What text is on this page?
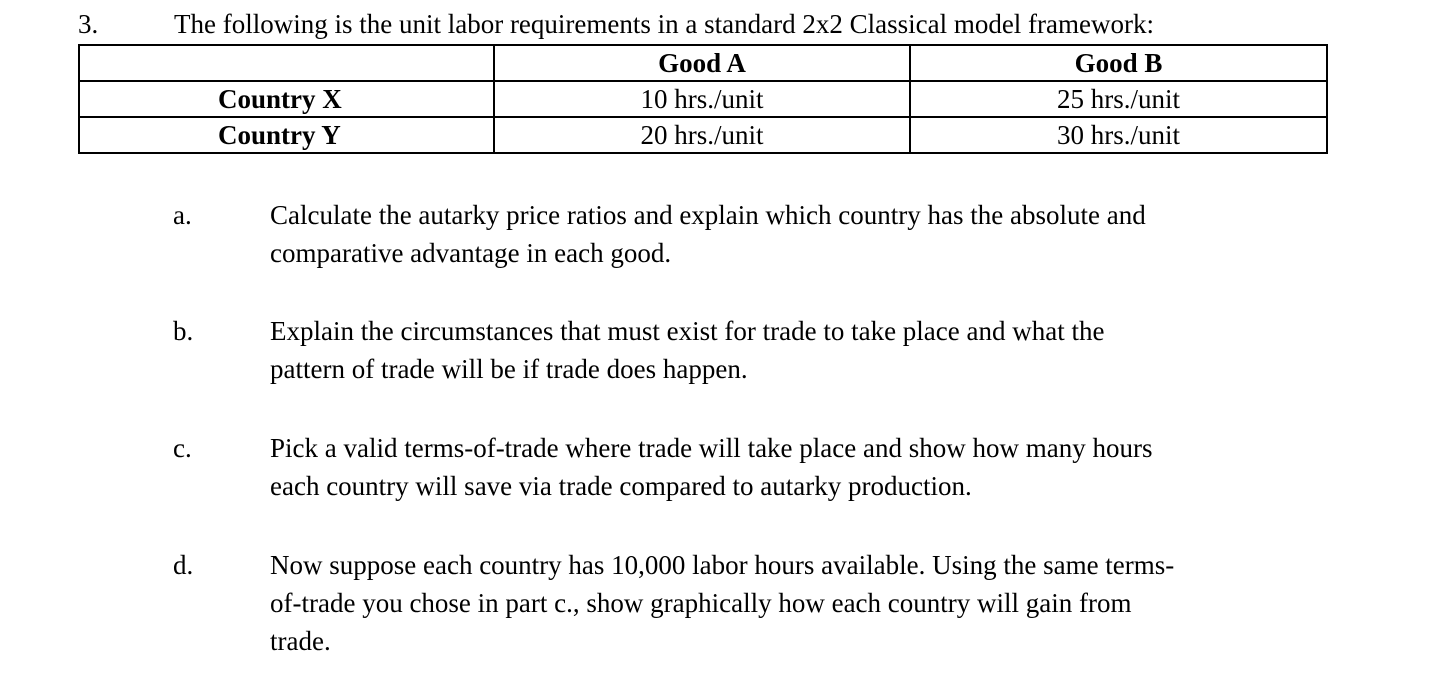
3.	The following is the unit labor requirements in a standard 2x2 Classical model framework:
	Good A	Good B
Country X	10 hrs./unit	25 hrs./unit
Country Y	20 hrs./unit	30 hrs./unit
a.	Calculate the autarky price ratios and explain which country has the absolute and
comparative advantage in each good.
b.	Explain the circumstances that must exist for trade to take place and what the
pattern of trade will be if trade does happen.
c.	Pick a valid terms-of-trade where trade will take place and show how many hours
each country will save via trade compared to autarky production.
d.	Now suppose each country has 10,000 labor hours available. Using the same terms-
of-trade you chose in part c., show graphically how each country will gain from
trade.
